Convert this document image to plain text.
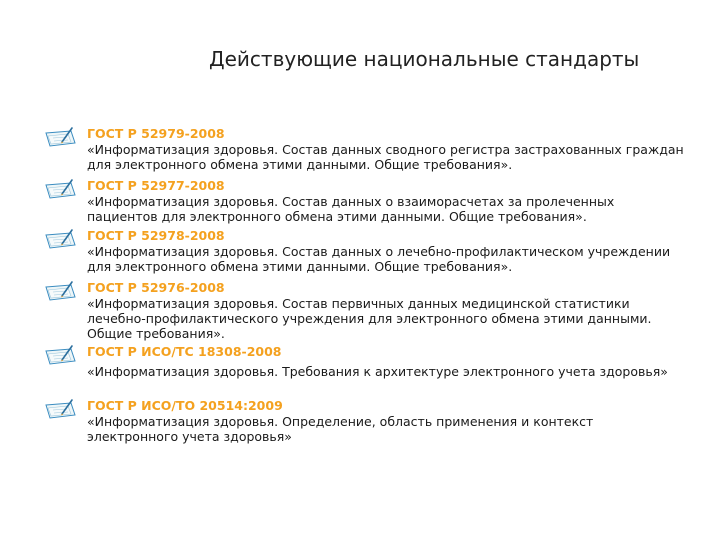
Действующие национальные стандарты
ГОСТ Р 52979-2008
«Информатизация здоровья. Состав данных сводного регистра застрахованных граждан для электронного обмена этими данными. Общие требования».
ГОСТ Р 52977-2008
«Информатизация здоровья. Состав данных о взаиморасчетах за пролеченных пациентов для электронного обмена этими данными. Общие требования».
ГОСТ Р 52978-2008
«Информатизация здоровья. Состав данных о лечебно-профилактическом учреждении для электронного обмена этими данными. Общие требования».
ГОСТ Р 52976-2008
«Информатизация здоровья. Состав первичных данных медицинской статистики лечебно-профилактического учреждения для электронного обмена этими данными. Общие требования».
ГОСТ Р ИСО/ТС 18308-2008
«Информатизация здоровья. Требования к архитектуре электронного учета здоровья»
ГОСТ Р ИСО/ТО 20514:2009
«Информатизация здоровья. Определение, область применения и контекст электронного учета здоровья»
